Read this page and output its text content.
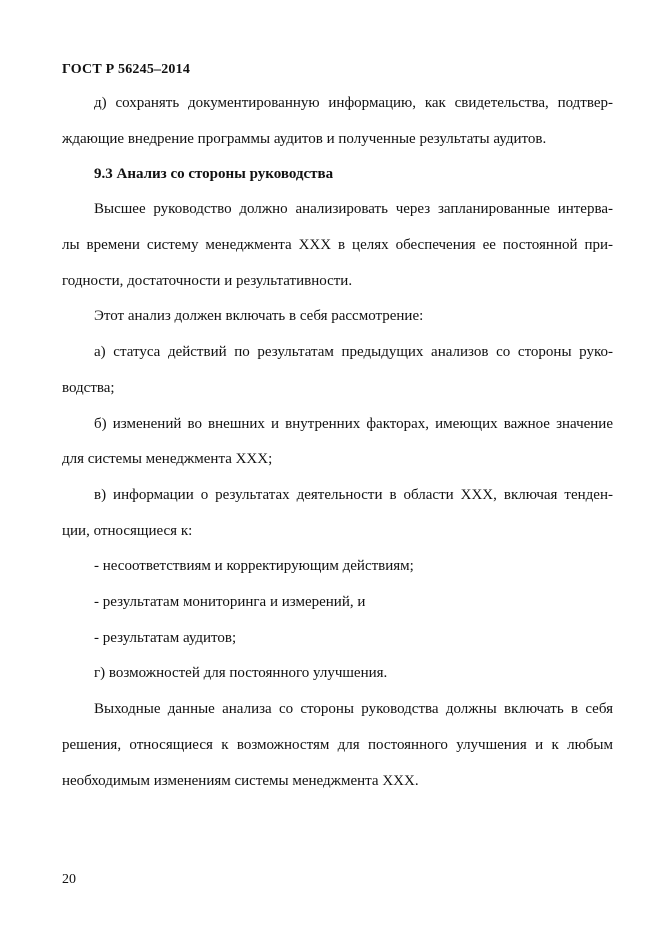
ГОСТ Р 56245–2014
д) сохранять документированную информацию, как свидетельства, подтвер-
ждающие внедрение программы аудитов и полученные результаты аудитов.
9.3 Анализ со стороны руководства
Высшее руководство должно анализировать через запланированные интерва-
лы времени систему менеджмента ХХХ в целях обеспечения ее постоянной при-
годности, достаточности и результативности.
Этот анализ должен включать в себя рассмотрение:
а) статуса действий по результатам предыдущих анализов со стороны руко-
водства;
б) изменений во внешних и внутренних факторах, имеющих важное значение
для системы менеджмента ХХХ;
в) информации о результатах деятельности в области ХХХ, включая тенден-
ции, относящиеся к:
- несоответствиям и корректирующим действиям;
- результатам мониторинга и измерений, и
- результатам аудитов;
г) возможностей для постоянного улучшения.
Выходные данные анализа со стороны руководства должны включать в себя
решения, относящиеся к возможностям для постоянного улучшения и к любым
необходимым изменениям системы менеджмента ХХХ.
20
